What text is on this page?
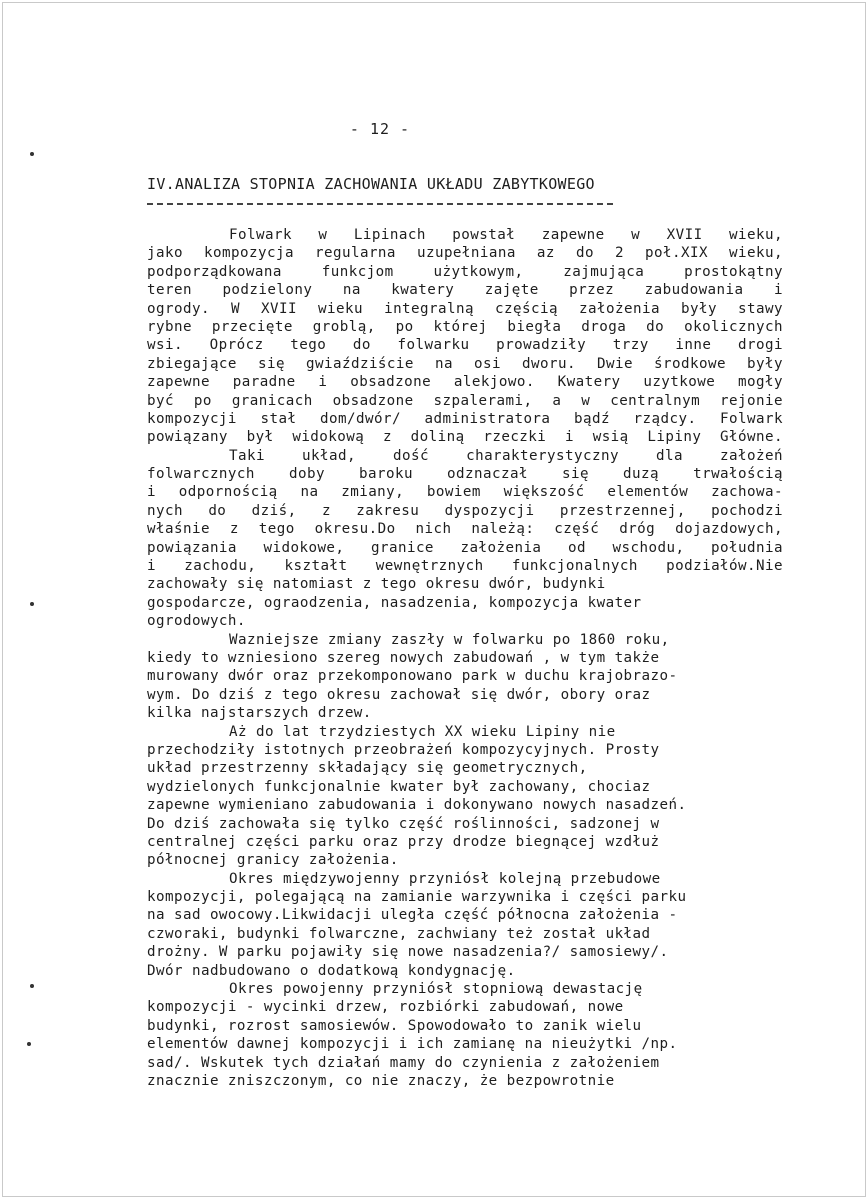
- 12 -
IV.ANALIZA STOPNIA ZACHOWANIA UKŁADU ZABYTKOWEGO
Folwark w Lipinach powstał zapewne w XVII wieku,
jako kompozycja regularna uzupełniana az do 2 poł.XIX wieku,
podporządkowana funkcjom użytkowym, zajmująca prostokątny
teren podzielony na kwatery zajęte przez zabudowania i
ogrody. W XVII wieku integralną częścią założenia były stawy
rybne przecięte groblą, po której biegła droga do okolicznych
wsi. Oprócz tego do folwarku prowadziły trzy inne drogi
zbiegające się gwiaździście na osi dworu. Dwie środkowe były
zapewne paradne i obsadzone alekjowo. Kwatery uzytkowe mogły
być po granicach obsadzone szpalerami, a w centralnym rejonie
kompozycji stał dom/dwór/ administratora bądź rządcy. Folwark
powiązany był widokową z doliną rzeczki i wsią Lipiny Główne.
Taki układ, dość charakterystyczny dla założeń
folwarcznych doby baroku odznaczał się duzą trwałością
i odpornością na zmiany, bowiem większość elementów zachowa-
nych do dziś, z zakresu dyspozycji przestrzennej, pochodzi
właśnie z tego okresu.Do nich należą: część dróg dojazdowych,
powiązania widokowe, granice założenia od wschodu, południa
i zachodu, kształt wewnętrznych funkcjonalnych podziałów.Nie
zachowały się natomiast z tego okresu dwór, budynki
gospodarcze, ograodzenia, nasadzenia, kompozycja kwater
ogrodowych.
Wazniejsze zmiany zaszły w folwarku po 1860 roku,
kiedy to wzniesiono szereg nowych zabudowań , w tym także
murowany dwór oraz przekomponowano park w duchu krajobrazo-
wym. Do dziś z tego okresu zachował się dwór, obory oraz
kilka najstarszych drzew.
Aż do lat trzydziestych XX wieku Lipiny nie
przechodziły istotnych przeobrażeń kompozycyjnych. Prosty
układ przestrzenny składający się geometrycznych,
wydzielonych funkcjonalnie kwater był zachowany, chociaz
zapewne wymieniano zabudowania i dokonywano nowych nasadzeń.
Do dziś zachowała się tylko część roślinności, sadzonej w
centralnej części parku oraz przy drodze biegnącej wzdłuż
północnej granicy założenia.
Okres międzywojenny przyniósł kolejną przebudowe
kompozycji, polegającą na zamianie warzywnika i części parku
na sad owocowy.Likwidacji uległa część północna założenia -
czworaki, budynki folwarczne, zachwiany też został układ
drożny. W parku pojawiły się nowe nasadzenia?/ samosiewy/.
Dwór nadbudowano o dodatkową kondygnację.
Okres powojenny przyniósł stopniową dewastację
kompozycji - wycinki drzew, rozbiórki zabudowań, nowe
budynki, rozrost samosiewów. Spowodowało to zanik wielu
elementów dawnej kompozycji i ich zamianę na nieużytki /np.
sad/. Wskutek tych działań mamy do czynienia z założeniem
znacznie zniszczonym, co nie znaczy, że bezpowrotnie
